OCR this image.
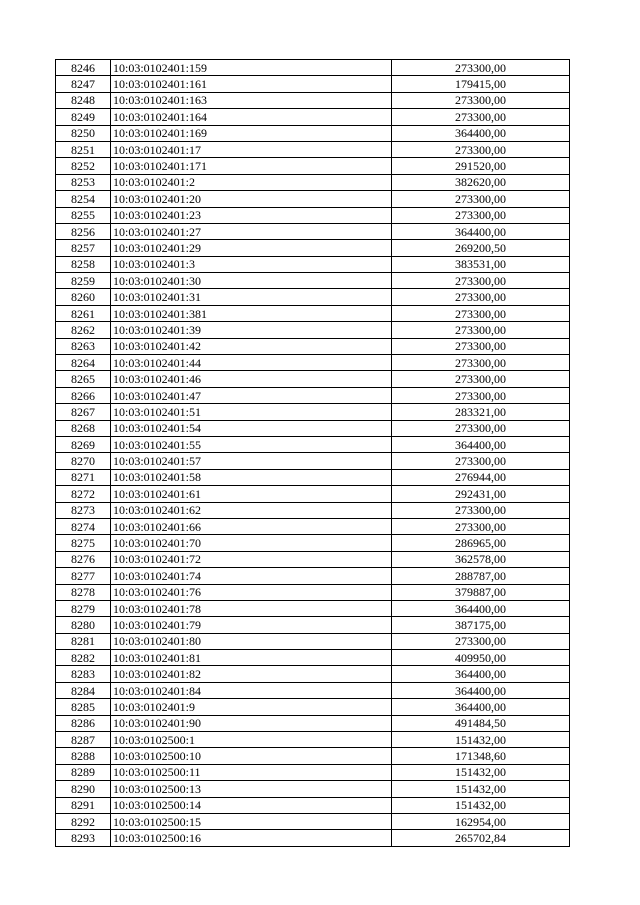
8246	10:03:0102401:159	273300,00
8247	10:03:0102401:161	179415,00
8248	10:03:0102401:163	273300,00
8249	10:03:0102401:164	273300,00
8250	10:03:0102401:169	364400,00
8251	10:03:0102401:17	273300,00
8252	10:03:0102401:171	291520,00
8253	10:03:0102401:2	382620,00
8254	10:03:0102401:20	273300,00
8255	10:03:0102401:23	273300,00
8256	10:03:0102401:27	364400,00
8257	10:03:0102401:29	269200,50
8258	10:03:0102401:3	383531,00
8259	10:03:0102401:30	273300,00
8260	10:03:0102401:31	273300,00
8261	10:03:0102401:381	273300,00
8262	10:03:0102401:39	273300,00
8263	10:03:0102401:42	273300,00
8264	10:03:0102401:44	273300,00
8265	10:03:0102401:46	273300,00
8266	10:03:0102401:47	273300,00
8267	10:03:0102401:51	283321,00
8268	10:03:0102401:54	273300,00
8269	10:03:0102401:55	364400,00
8270	10:03:0102401:57	273300,00
8271	10:03:0102401:58	276944,00
8272	10:03:0102401:61	292431,00
8273	10:03:0102401:62	273300,00
8274	10:03:0102401:66	273300,00
8275	10:03:0102401:70	286965,00
8276	10:03:0102401:72	362578,00
8277	10:03:0102401:74	288787,00
8278	10:03:0102401:76	379887,00
8279	10:03:0102401:78	364400,00
8280	10:03:0102401:79	387175,00
8281	10:03:0102401:80	273300,00
8282	10:03:0102401:81	409950,00
8283	10:03:0102401:82	364400,00
8284	10:03:0102401:84	364400,00
8285	10:03:0102401:9	364400,00
8286	10:03:0102401:90	491484,50
8287	10:03:0102500:1	151432,00
8288	10:03:0102500:10	171348,60
8289	10:03:0102500:11	151432,00
8290	10:03:0102500:13	151432,00
8291	10:03:0102500:14	151432,00
8292	10:03:0102500:15	162954,00
8293	10:03:0102500:16	265702,84
